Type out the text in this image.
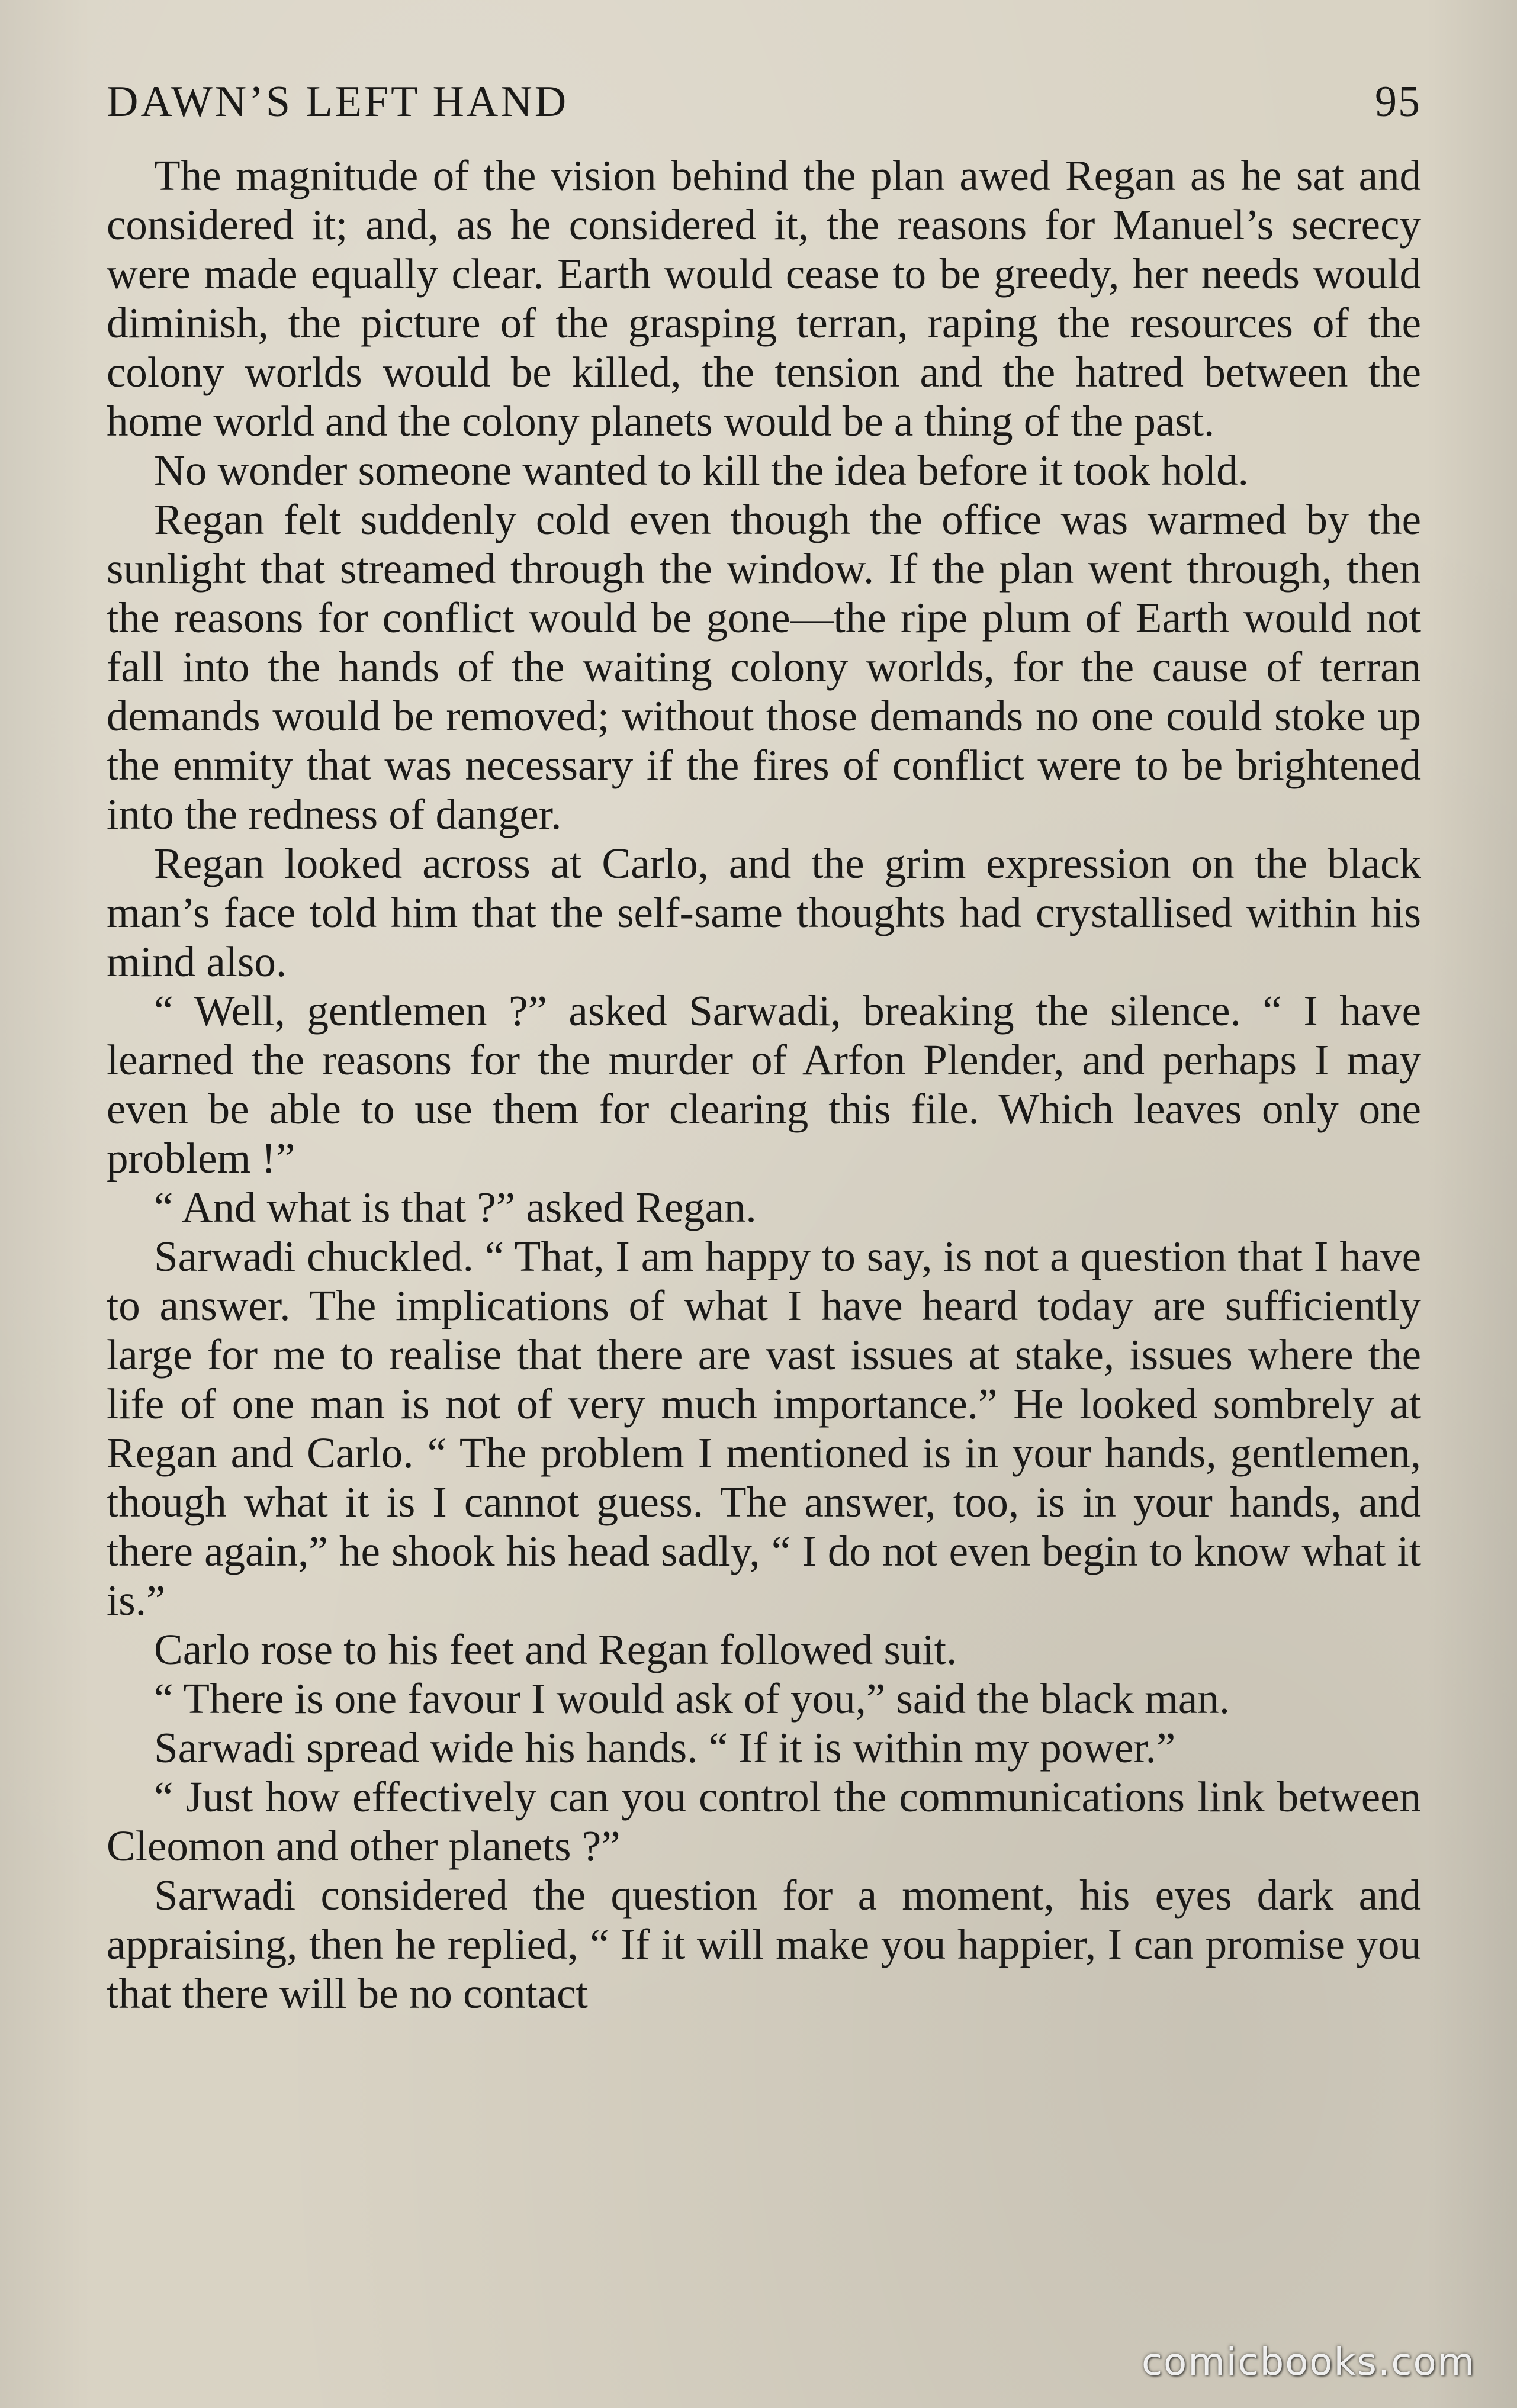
DAWN’S LEFT HAND	95

The magnitude of the vision behind the plan awed Regan as he sat and considered it; and, as he considered it, the reasons for Manuel’s secrecy were made equally clear. Earth would cease to be greedy, her needs would diminish, the picture of the grasping terran, raping the resources of the colony worlds would be killed, the tension and the hatred between the home world and the colony planets would be a thing of the past.

No wonder someone wanted to kill the idea before it took hold.

Regan felt suddenly cold even though the office was warmed by the sunlight that streamed through the window. If the plan went through, then the reasons for conflict would be gone—the ripe plum of Earth would not fall into the hands of the waiting colony worlds, for the cause of terran demands would be removed; without those demands no one could stoke up the enmity that was necessary if the fires of conflict were to be brightened into the redness of danger.

Regan looked across at Carlo, and the grim expression on the black man’s face told him that the self-same thoughts had crystallised within his mind also.

“ Well, gentlemen ?” asked Sarwadi, breaking the silence. “ I have learned the reasons for the murder of Arfon Plender, and perhaps I may even be able to use them for clearing this file. Which leaves only one problem !”

“ And what is that ?” asked Regan.

Sarwadi chuckled. “ That, I am happy to say, is not a question that I have to answer. The implications of what I have heard today are sufficiently large for me to realise that there are vast issues at stake, issues where the life of one man is not of very much importance.” He looked sombrely at Regan and Carlo. “ The problem I mentioned is in your hands, gentlemen, though what it is I cannot guess. The answer, too, is in your hands, and there again,” he shook his head sadly, “ I do not even begin to know what it is.”

Carlo rose to his feet and Regan followed suit.

“ There is one favour I would ask of you,” said the black man.

Sarwadi spread wide his hands. “ If it is within my power.”

“ Just how effectively can you control the communications link between Cleomon and other planets ?”

Sarwadi considered the question for a moment, his eyes dark and appraising, then he replied, “ If it will make you happier, I can promise you that there will be no contact

comicbooks.com
